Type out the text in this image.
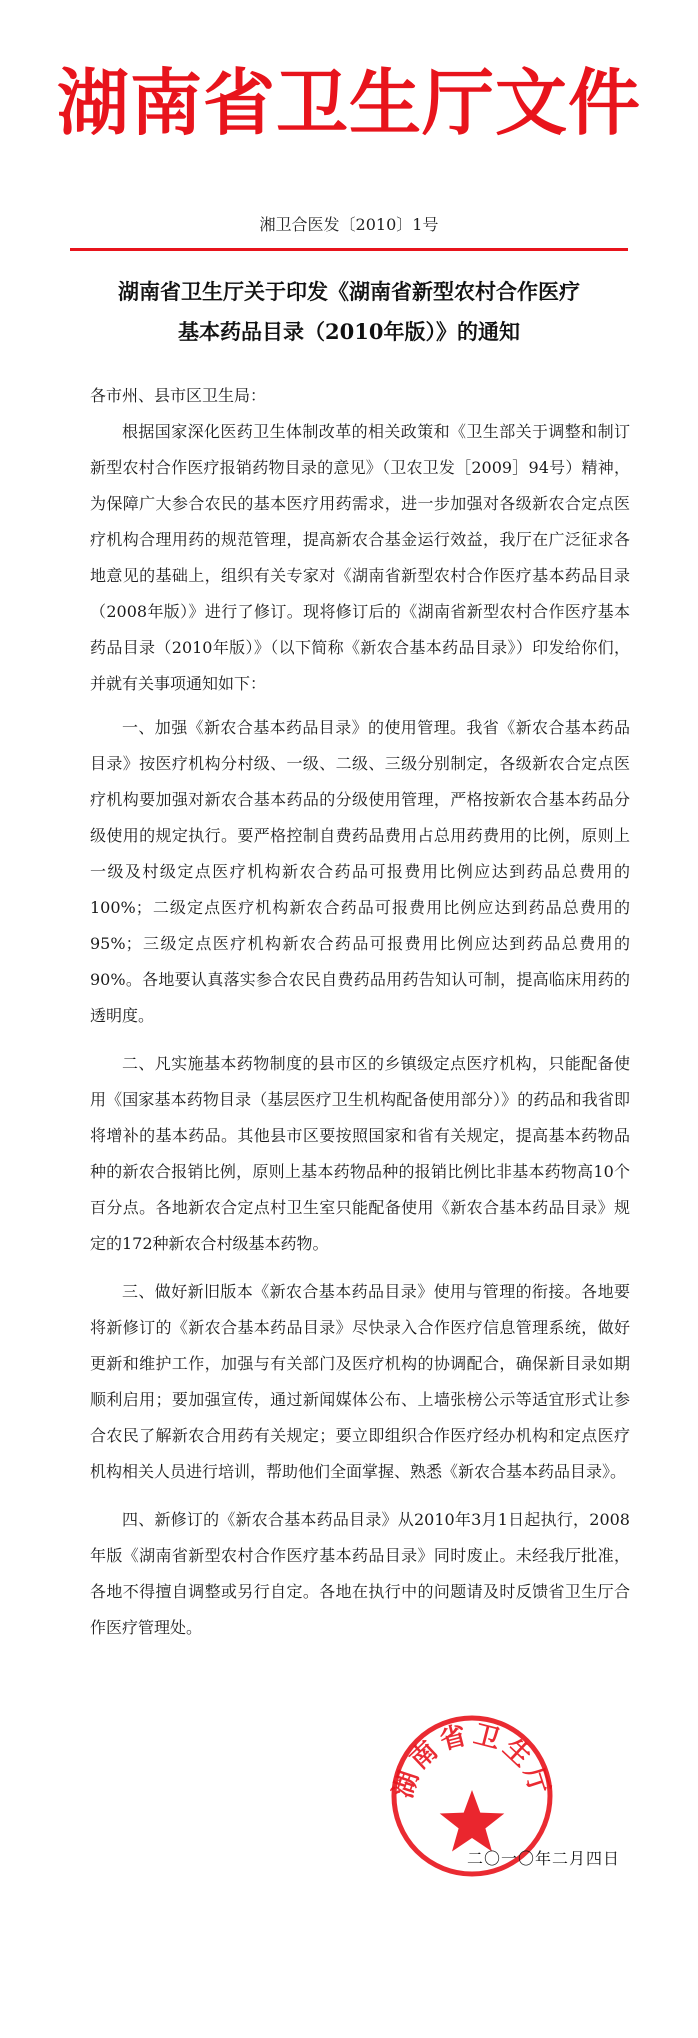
湖南省卫生厅文件
湘卫合医发〔2010〕1号
湖南省卫生厅关于印发《湖南省新型农村合作医疗
基本药品目录（2010年版）》的通知

各市州、县市区卫生局：

根据国家深化医药卫生体制改革的相关政策和《卫生部关于调整和制订新型农村合作医疗报销药物目录的意见》（卫农卫发［2009］94号）精神，为保障广大参合农民的基本医疗用药需求，进一步加强对各级新农合定点医疗机构合理用药的规范管理，提高新农合基金运行效益，我厅在广泛征求各地意见的基础上，组织有关专家对《湖南省新型农村合作医疗基本药品目录（2008年版）》进行了修订。现将修订后的《湖南省新型农村合作医疗基本药品目录（2010年版）》（以下简称《新农合基本药品目录》）印发给你们，并就有关事项通知如下：

一、加强《新农合基本药品目录》的使用管理。我省《新农合基本药品目录》按医疗机构分村级、一级、二级、三级分别制定，各级新农合定点医疗机构要加强对新农合基本药品的分级使用管理，严格按新农合基本药品分级使用的规定执行。要严格控制自费药品费用占总用药费用的比例，原则上一级及村级定点医疗机构新农合药品可报费用比例应达到药品总费用的100%；二级定点医疗机构新农合药品可报费用比例应达到药品总费用的95%；三级定点医疗机构新农合药品可报费用比例应达到药品总费用的90%。各地要认真落实参合农民自费药品用药告知认可制，提高临床用药的透明度。

二、凡实施基本药物制度的县市区的乡镇级定点医疗机构，只能配备使用《国家基本药物目录（基层医疗卫生机构配备使用部分）》的药品和我省即将增补的基本药品。其他县市区要按照国家和省有关规定，提高基本药物品种的新农合报销比例，原则上基本药物品种的报销比例比非基本药物高10个百分点。各地新农合定点村卫生室只能配备使用《新农合基本药品目录》规定的172种新农合村级基本药物。

三、做好新旧版本《新农合基本药品目录》使用与管理的衔接。各地要将新修订的《新农合基本药品目录》尽快录入合作医疗信息管理系统，做好更新和维护工作，加强与有关部门及医疗机构的协调配合，确保新目录如期顺利启用；要加强宣传，通过新闻媒体公布、上墙张榜公示等适宜形式让参合农民了解新农合用药有关规定；要立即组织合作医疗经办机构和定点医疗机构相关人员进行培训，帮助他们全面掌握、熟悉《新农合基本药品目录》。

四、新修订的《新农合基本药品目录》从2010年3月1日起执行，2008年版《湖南省新型农村合作医疗基本药品目录》同时废止。未经我厅批准，各地不得擅自调整或另行自定。各地在执行中的问题请及时反馈省卫生厅合作医疗管理处。

湖南省卫生厅
二〇一〇年二月四日
